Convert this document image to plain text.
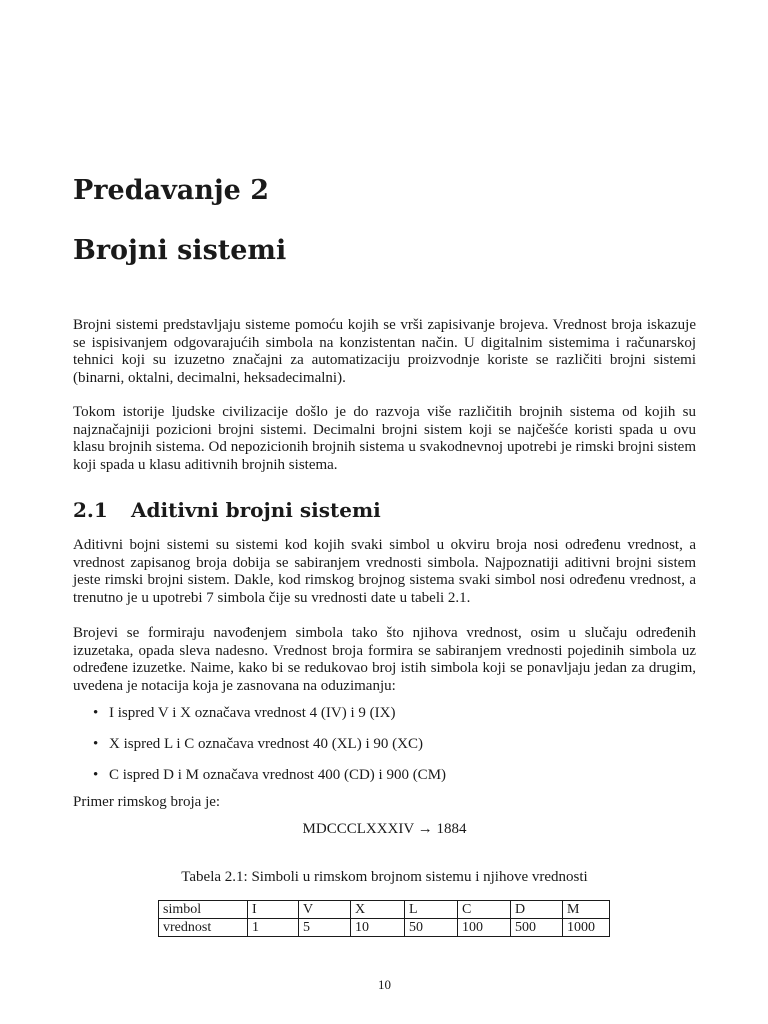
Predavanje 2
Brojni sistemi

Brojni sistemi predstavljaju sisteme pomoću kojih se vrši zapisivanje brojeva. Vrednost broja iskazuje se ispisivanjem odgovarajućih simbola na konzistentan način. U digitalnim sistemima i računarskoj tehnici koji su izuzetno značajni za automatizaciju proizvodnje koriste se različiti brojni sistemi (binarni, oktalni, decimalni, heksadecimalni).

Tokom istorije ljudske civilizacije došlo je do razvoja više različitih brojnih sistema od kojih su najznačajniji pozicioni brojni sistemi. Decimalni brojni sistem koji se najčešće koristi spada u ovu klasu brojnih sistema. Od nepozicionih brojnih sistema u svakodnevnoj upotrebi je rimski brojni sistem koji spada u klasu aditivnih brojnih sistema.

2.1 Aditivni brojni sistemi

Aditivni bojni sistemi su sistemi kod kojih svaki simbol u okviru broja nosi određenu vrednost, a vrednost zapisanog broja dobija se sabiranjem vrednosti simbola. Najpoznatiji aditivni brojni sistem jeste rimski brojni sistem. Dakle, kod rimskog brojnog sistema svaki simbol nosi određenu vrednost, a trenutno je u upotrebi 7 simbola čije su vrednosti date u tabeli 2.1.

Brojevi se formiraju navođenjem simbola tako što njihova vrednost, osim u slučaju određenih izuzetaka, opada sleva nadesno. Vrednost broja formira se sabiranjem vrednosti pojedinih simbola uz određene izuzetke. Naime, kako bi se redukovao broj istih simbola koji se ponavljaju jedan za drugim, uvedena je notacija koja je zasnovana na oduzimanju:

• I ispred V i X označava vrednost 4 (IV) i 9 (IX)
• X ispred L i C označava vrednost 40 (XL) i 90 (XC)
• C ispred D i M označava vrednost 400 (CD) i 900 (CM)

Primer rimskog broja je:

MDCCCLXXXIV → 1884
Tabela 2.1: Simboli u rimskom brojnom sistemu i njihove vrednosti
simbol	I	V	X	L	C	D	M
vrednost	1	5	10	50	100	500	1000
10
